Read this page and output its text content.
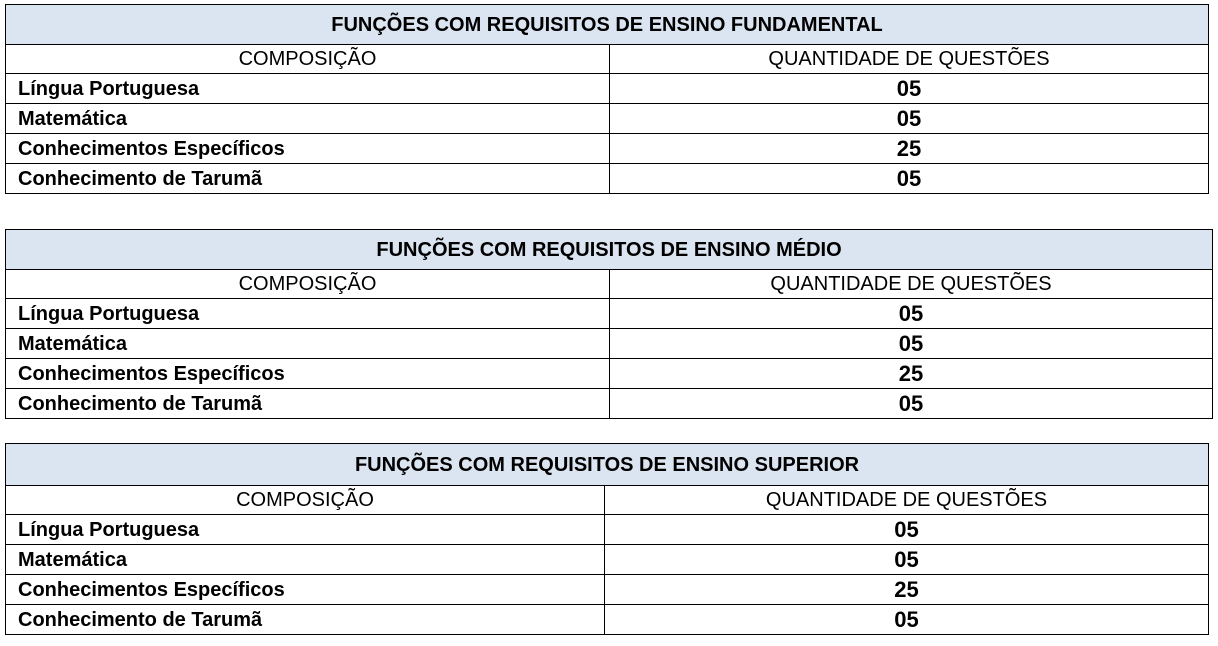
FUNÇÕES COM REQUISITOS DE ENSINO FUNDAMENTAL	
COMPOSIÇÃO	QUANTIDADE DE QUESTÕES
Língua Portuguesa	05
Matemática	05
Conhecimentos Específicos	25
Conhecimento de Tarumã	05
FUNÇÕES COM REQUISITOS DE ENSINO MÉDIO	
COMPOSIÇÃO	QUANTIDADE DE QUESTÕES
Língua Portuguesa	05
Matemática	05
Conhecimentos Específicos	25
Conhecimento de Tarumã	05
FUNÇÕES COM REQUISITOS DE ENSINO SUPERIOR	
COMPOSIÇÃO	QUANTIDADE DE QUESTÕES
Língua Portuguesa	05
Matemática	05
Conhecimentos Específicos	25
Conhecimento de Tarumã	05
